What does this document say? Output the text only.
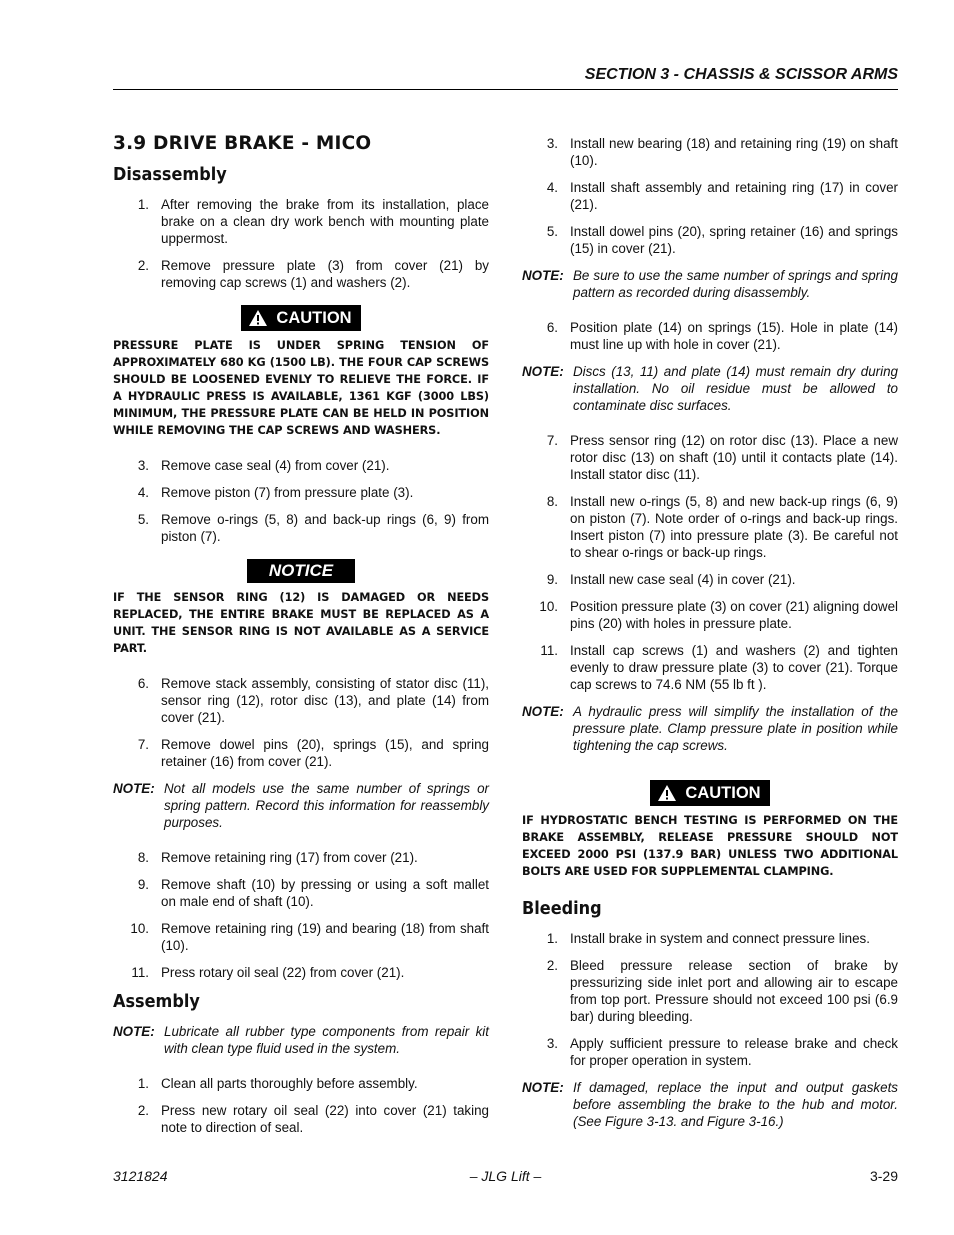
SECTION 3 - CHASSIS & SCISSOR ARMS
3.9 DRIVE BRAKE - MICO
Disassembly
1. After removing the brake from its installation, place brake on a clean dry work bench with mounting plate uppermost.
2. Remove pressure plate (3) from cover (21) by removing cap screws (1) and washers (2).
CAUTION
PRESSURE PLATE IS UNDER SPRING TENSION OF APPROXIMATELY 680 KG (1500 LB). THE FOUR CAP SCREWS SHOULD BE LOOSENED EVENLY TO RELIEVE THE FORCE. IF A HYDRAULIC PRESS IS AVAILABLE, 1361 KGF (3000 LBS) MINIMUM, THE PRESSURE PLATE CAN BE HELD IN POSITION WHILE REMOVING THE CAP SCREWS AND WASHERS.
3. Remove case seal (4) from cover (21).
4. Remove piston (7) from pressure plate (3).
5. Remove o-rings (5, 8) and back-up rings (6, 9) from piston (7).
NOTICE
IF THE SENSOR RING (12) IS DAMAGED OR NEEDS REPLACED, THE ENTIRE BRAKE MUST BE REPLACED AS A UNIT. THE SENSOR RING IS NOT AVAILABLE AS A SERVICE PART.
6. Remove stack assembly, consisting of stator disc (11), sensor ring (12), rotor disc (13), and plate (14) from cover (21).
7. Remove dowel pins (20), springs (15), and spring retainer (16) from cover (21).
NOTE: Not all models use the same number of springs or spring pattern. Record this information for reassembly purposes.
8. Remove retaining ring (17) from cover (21).
9. Remove shaft (10) by pressing or using a soft mallet on male end of shaft (10).
10. Remove retaining ring (19) and bearing (18) from shaft (10).
11. Press rotary oil seal (22) from cover (21).
Assembly
NOTE: Lubricate all rubber type components from repair kit with clean type fluid used in the system.
1. Clean all parts thoroughly before assembly.
2. Press new rotary oil seal (22) into cover (21) taking note to direction of seal.
3. Install new bearing (18) and retaining ring (19) on shaft (10).
4. Install shaft assembly and retaining ring (17) in cover (21).
5. Install dowel pins (20), spring retainer (16) and springs (15) in cover (21).
NOTE: Be sure to use the same number of springs and spring pattern as recorded during disassembly.
6. Position plate (14) on springs (15). Hole in plate (14) must line up with hole in cover (21).
NOTE: Discs (13, 11) and plate (14) must remain dry during installation. No oil residue must be allowed to contaminate disc surfaces.
7. Press sensor ring (12) on rotor disc (13). Place a new rotor disc (13) on shaft (10) until it contacts plate (14). Install stator disc (11).
8. Install new o-rings (5, 8) and new back-up rings (6, 9) on piston (7). Note order of o-rings and back-up rings. Insert piston (7) into pressure plate (3). Be careful not to shear o-rings or back-up rings.
9. Install new case seal (4) in cover (21).
10. Position pressure plate (3) on cover (21) aligning dowel pins (20) with holes in pressure plate.
11. Install cap screws (1) and washers (2) and tighten evenly to draw pressure plate (3) to cover (21). Torque cap screws to 74.6 NM (55 lb ft ).
NOTE: A hydraulic press will simplify the installation of the pressure plate. Clamp pressure plate in position while tightening the cap screws.
CAUTION
IF HYDROSTATIC BENCH TESTING IS PERFORMED ON THE BRAKE ASSEMBLY, RELEASE PRESSURE SHOULD NOT EXCEED 2000 PSI (137.9 BAR) UNLESS TWO ADDITIONAL BOLTS ARE USED FOR SUPPLEMENTAL CLAMPING.
Bleeding
1. Install brake in system and connect pressure lines.
2. Bleed pressure release section of brake by pressurizing side inlet port and allowing air to escape from top port. Pressure should not exceed 100 psi (6.9 bar) during bleeding.
3. Apply sufficient pressure to release brake and check for proper operation in system.
NOTE: If damaged, replace the input and output gaskets before assembling the brake to the hub and motor. (See Figure 3-13. and Figure 3-16.)
3121824	– JLG Lift –	3-29
